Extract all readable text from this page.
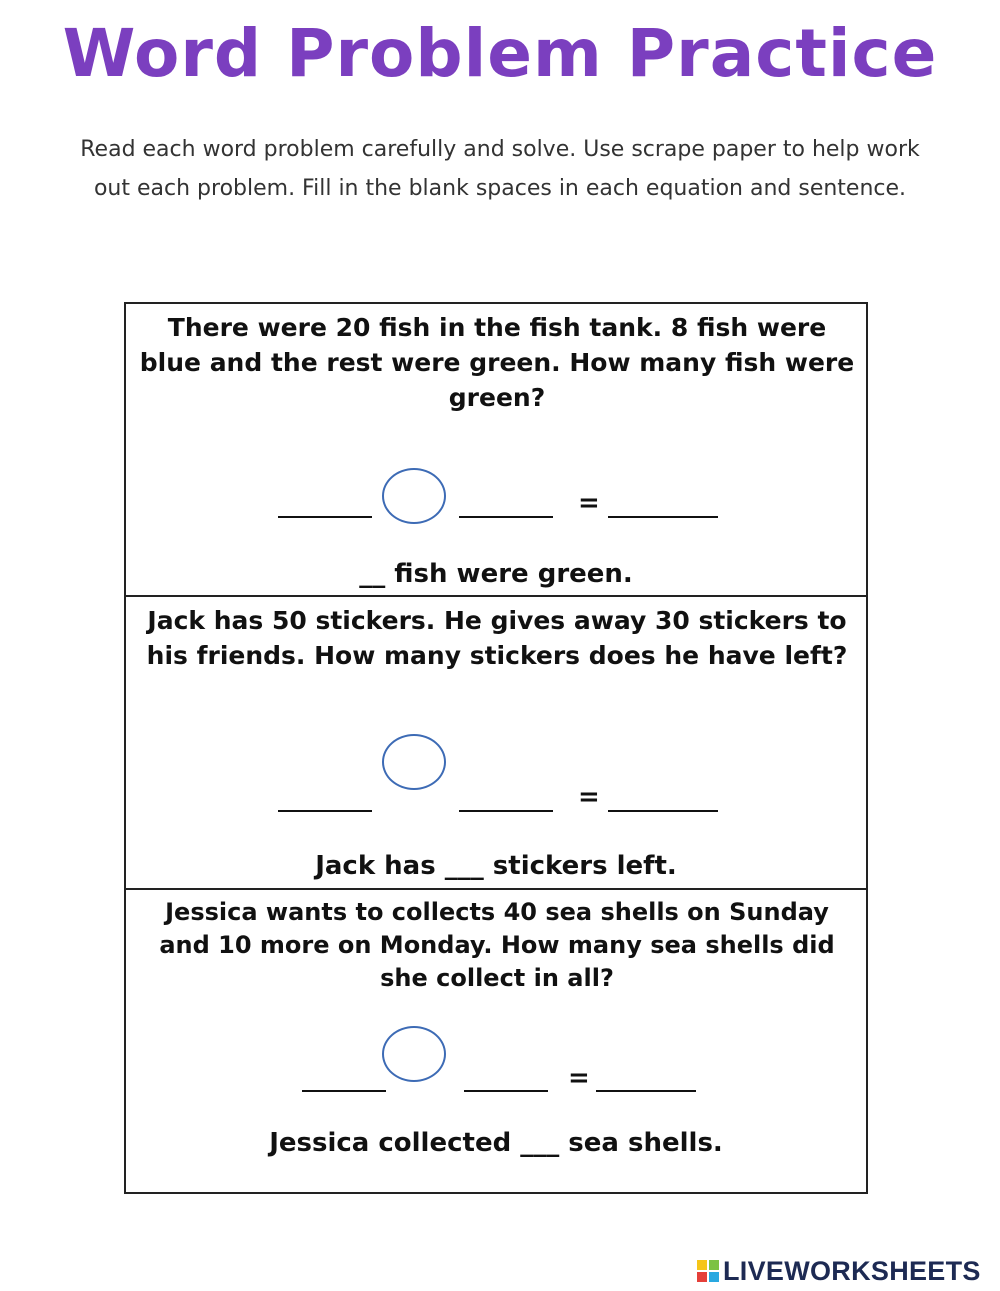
Word Problem Practice
Read each word problem carefully and solve. Use scrape paper to help work
out each problem. Fill in the blank spaces in each equation and sentence.
There were 20 fish in the fish tank. 8 fish were blue and the rest were green. How many fish were green?
=
__ fish were green.
Jack has 50 stickers. He gives away 30 stickers to his friends. How many stickers does he have left?
=
Jack has ___ stickers left.
Jessica wants to collects 40 sea shells on Sunday and 10 more on Monday. How many sea shells did she collect in all?
=
Jessica collected ___ sea shells.
LIVEWORKSHEETS
